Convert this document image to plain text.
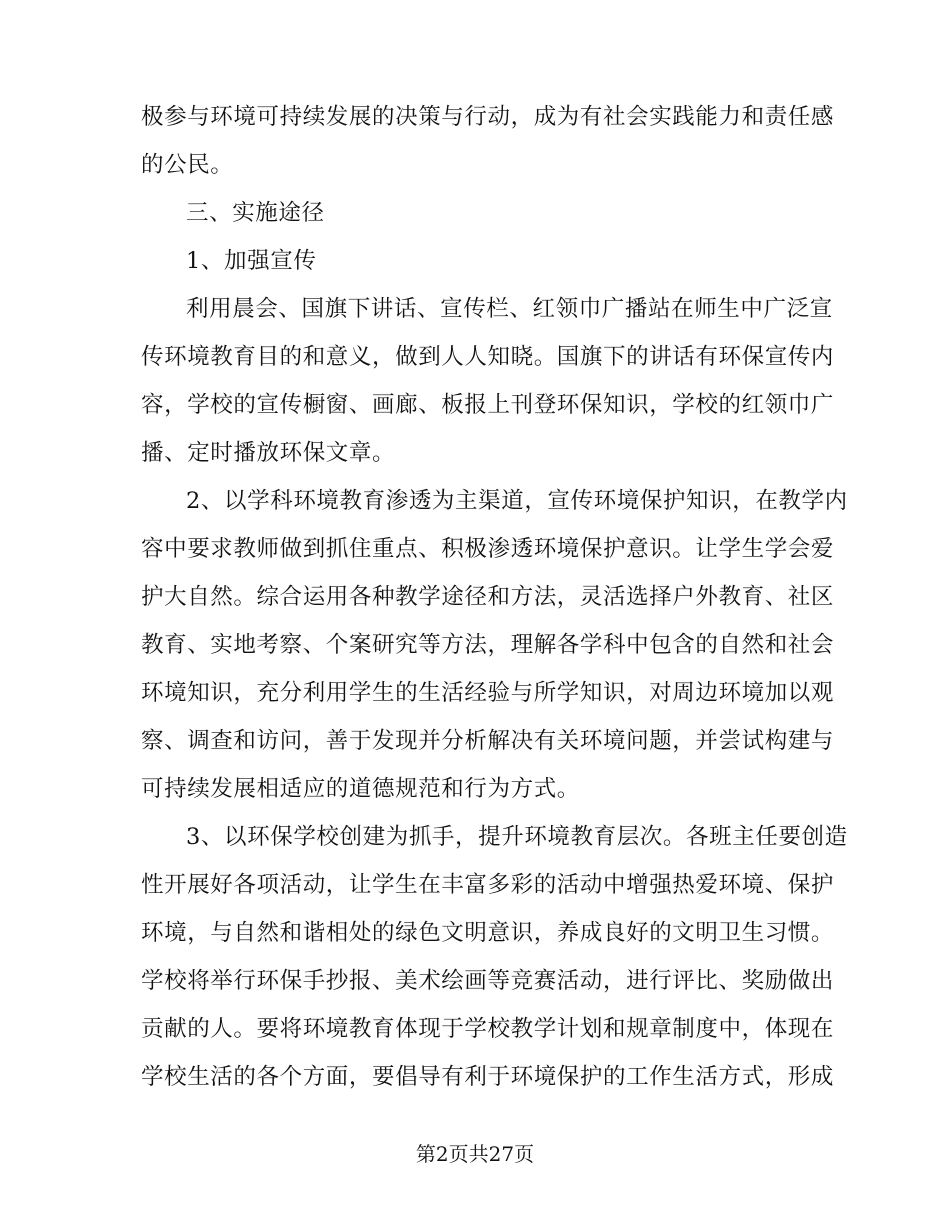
极参与环境可持续发展的决策与行动，成为有社会实践能力和责任感
的公民。
三、实施途径
1、加强宣传
利用晨会、国旗下讲话、宣传栏、红领巾广播站在师生中广泛宣
传环境教育目的和意义，做到人人知晓。国旗下的讲话有环保宣传内
容，学校的宣传橱窗、画廊、板报上刊登环保知识，学校的红领巾广
播、定时播放环保文章。
2、以学科环境教育渗透为主渠道，宣传环境保护知识，在教学内
容中要求教师做到抓住重点、积极渗透环境保护意识。让学生学会爱
护大自然。综合运用各种教学途径和方法，灵活选择户外教育、社区
教育、实地考察、个案研究等方法，理解各学科中包含的自然和社会
环境知识，充分利用学生的生活经验与所学知识，对周边环境加以观
察、调查和访问，善于发现并分析解决有关环境问题，并尝试构建与
可持续发展相适应的道德规范和行为方式。
3、以环保学校创建为抓手，提升环境教育层次。各班主任要创造
性开展好各项活动，让学生在丰富多彩的活动中增强热爱环境、保护
环境，与自然和谐相处的绿色文明意识，养成良好的文明卫生习惯。
学校将举行环保手抄报、美术绘画等竞赛活动，进行评比、奖励做出
贡献的人。要将环境教育体现于学校教学计划和规章制度中，体现在
学校生活的各个方面，要倡导有利于环境保护的工作生活方式，形成
第2页共27页
